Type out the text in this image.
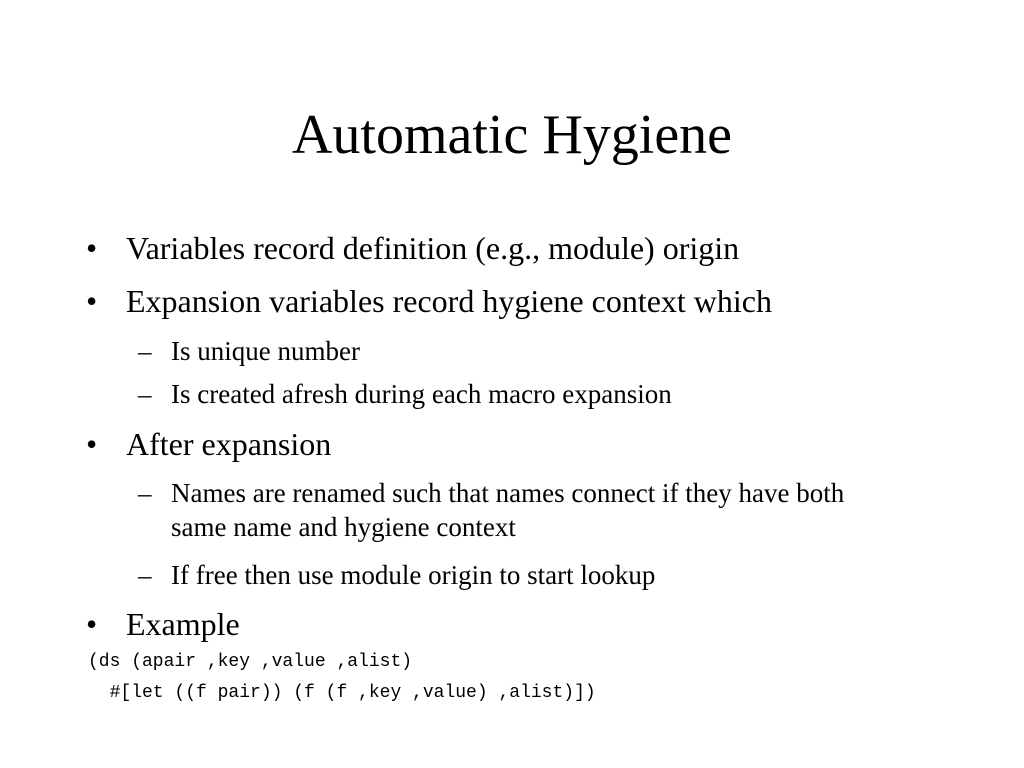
Automatic Hygiene
• Variables record definition (e.g., module) origin
• Expansion variables record hygiene context which
– Is unique number
– Is created afresh during each macro expansion
• After expansion
– Names are renamed such that names connect if they have both same name and hygiene context
– If free then use module origin to start lookup
• Example
(ds (apair ,key ,value ,alist)
#[let ((f pair)) (f (f ,key ,value) ,alist)])
